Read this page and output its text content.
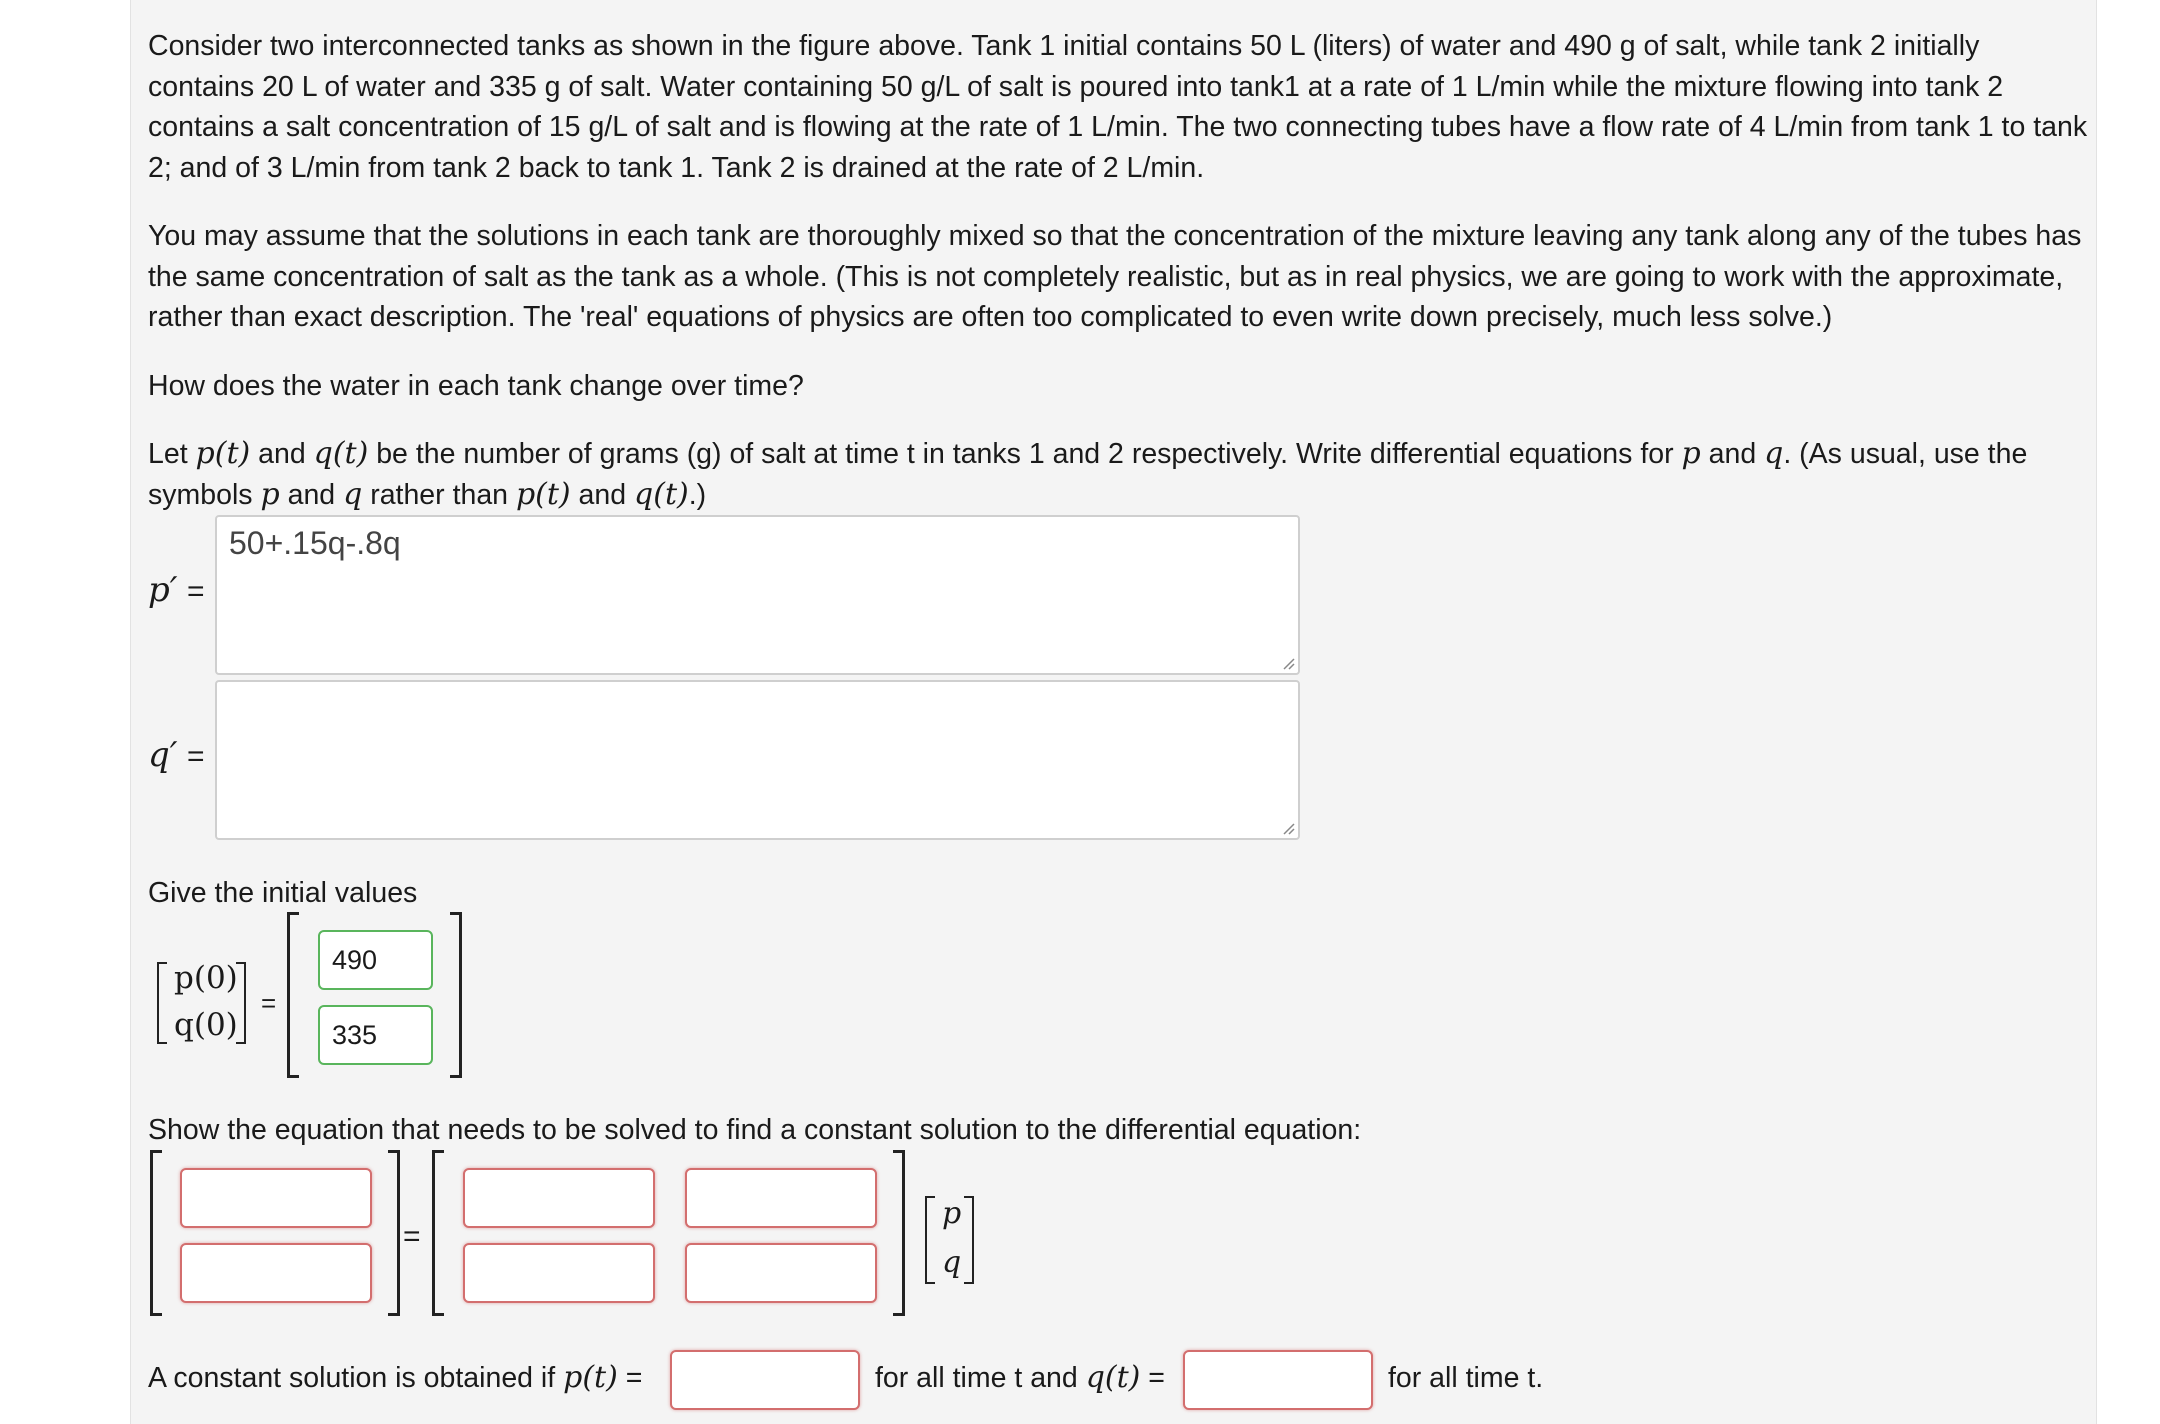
Consider two interconnected tanks as shown in the figure above. Tank 1 initial contains 50 L (liters) of water and 490 g of salt, while tank 2 initially contains 20 L of water and 335 g of salt. Water containing 50 g/L of salt is poured into tank1 at a rate of 1 L/min while the mixture flowing into tank 2 contains a salt concentration of 15 g/L of salt and is flowing at the rate of 1 L/min. The two connecting tubes have a flow rate of 4 L/min from tank 1 to tank 2; and of 3 L/min from tank 2 back to tank 1. Tank 2 is drained at the rate of 2 L/min.

You may assume that the solutions in each tank are thoroughly mixed so that the concentration of the mixture leaving any tank along any of the tubes has the same concentration of salt as the tank as a whole. (This is not completely realistic, but as in real physics, we are going to work with the approximate, rather than exact description. The 'real' equations of physics are often too complicated to even write down precisely, much less solve.)

How does the water in each tank change over time?

Let p(t) and q(t) be the number of grams (g) of salt at time t in tanks 1 and 2 respectively. Write differential equations for p and q. (As usual, use the symbols p and q rather than p(t) and q(t).)

p′ =
50+.15q-.8q
q′ =
Give the initial values
p(0)
q(0)
=
490
335
Show the equation that needs to be solved to find a constant solution to the differential equation:
=
p
q
A constant solution is obtained if p(t) =	for all time t and q(t) =	for all time t.
